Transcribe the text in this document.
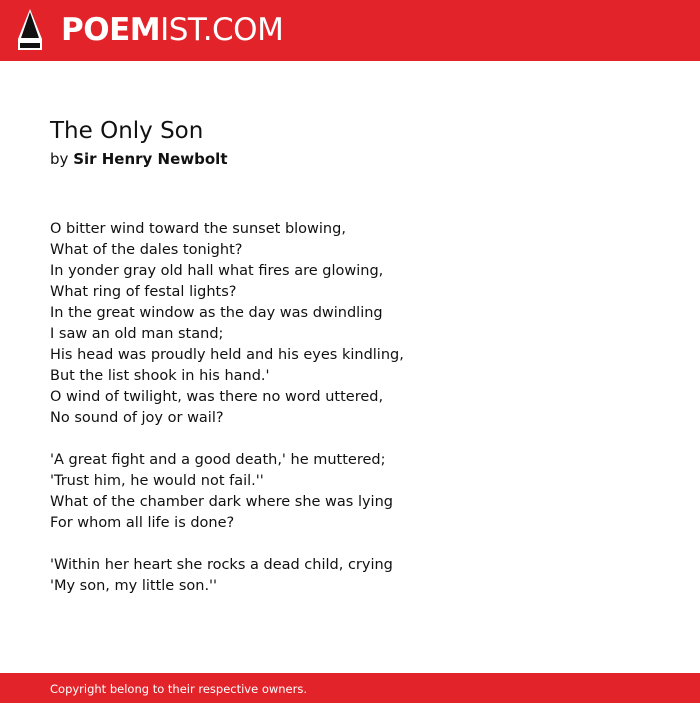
POEMIST.COM
The Only Son
by Sir Henry Newbolt
O bitter wind toward the sunset blowing,
What of the dales tonight?
In yonder gray old hall what fires are glowing,
What ring of festal lights?
In the great window as the day was dwindling
I saw an old man stand;
His head was proudly held and his eyes kindling,
But the list shook in his hand.'
O wind of twilight, was there no word uttered,
No sound of joy or wail?
'A great fight and a good death,' he muttered;
'Trust him, he would not fail.''
What of the chamber dark where she was lying
For whom all life is done?
'Within her heart she rocks a dead child, crying
'My son, my little son.''
Copyright belong to their respective owners.
